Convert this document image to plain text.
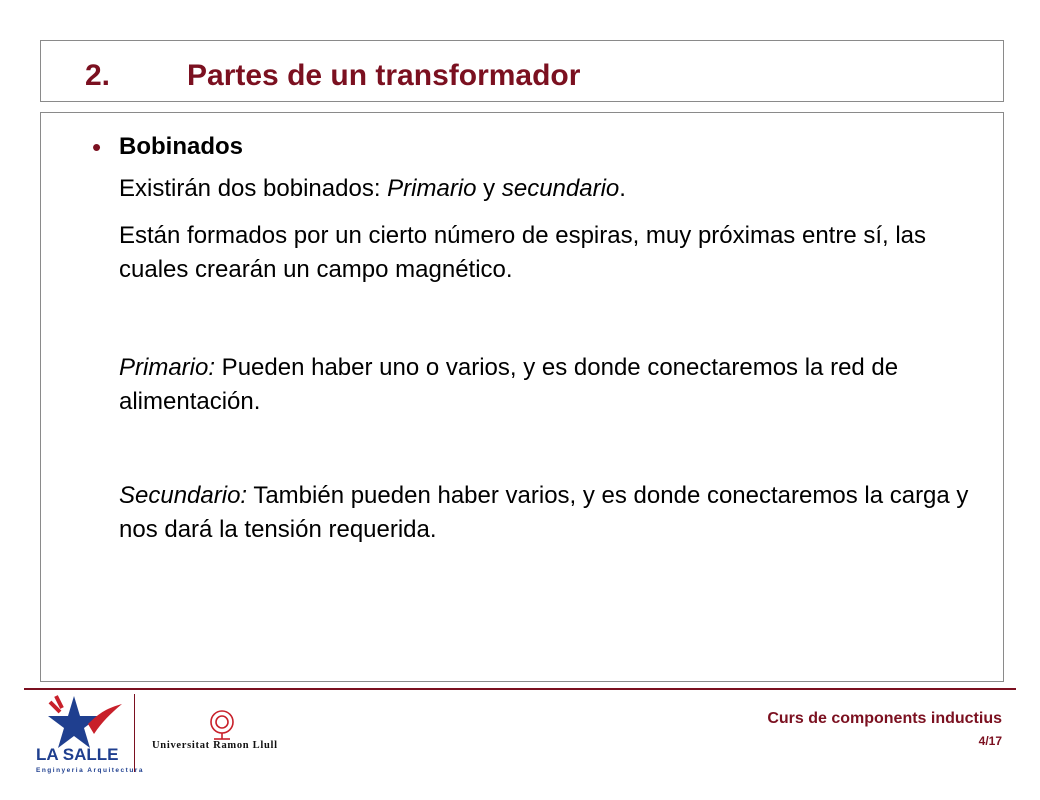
2.	Partes de un transformador
• Bobinados
Existirán dos bobinados: Primario y secundario.
Están formados por un cierto número de espiras, muy próximas entre sí, las cuales crearán un campo magnético.
Primario: Pueden haber uno o varios, y es donde conectaremos la red de alimentación.
Secundario: También pueden haber varios, y es donde conectaremos la carga y nos dará la tensión requerida.
LA SALLE
Enginyeria Arquitectura
Universitat Ramon Llull
Curs de components inductius
4/17
